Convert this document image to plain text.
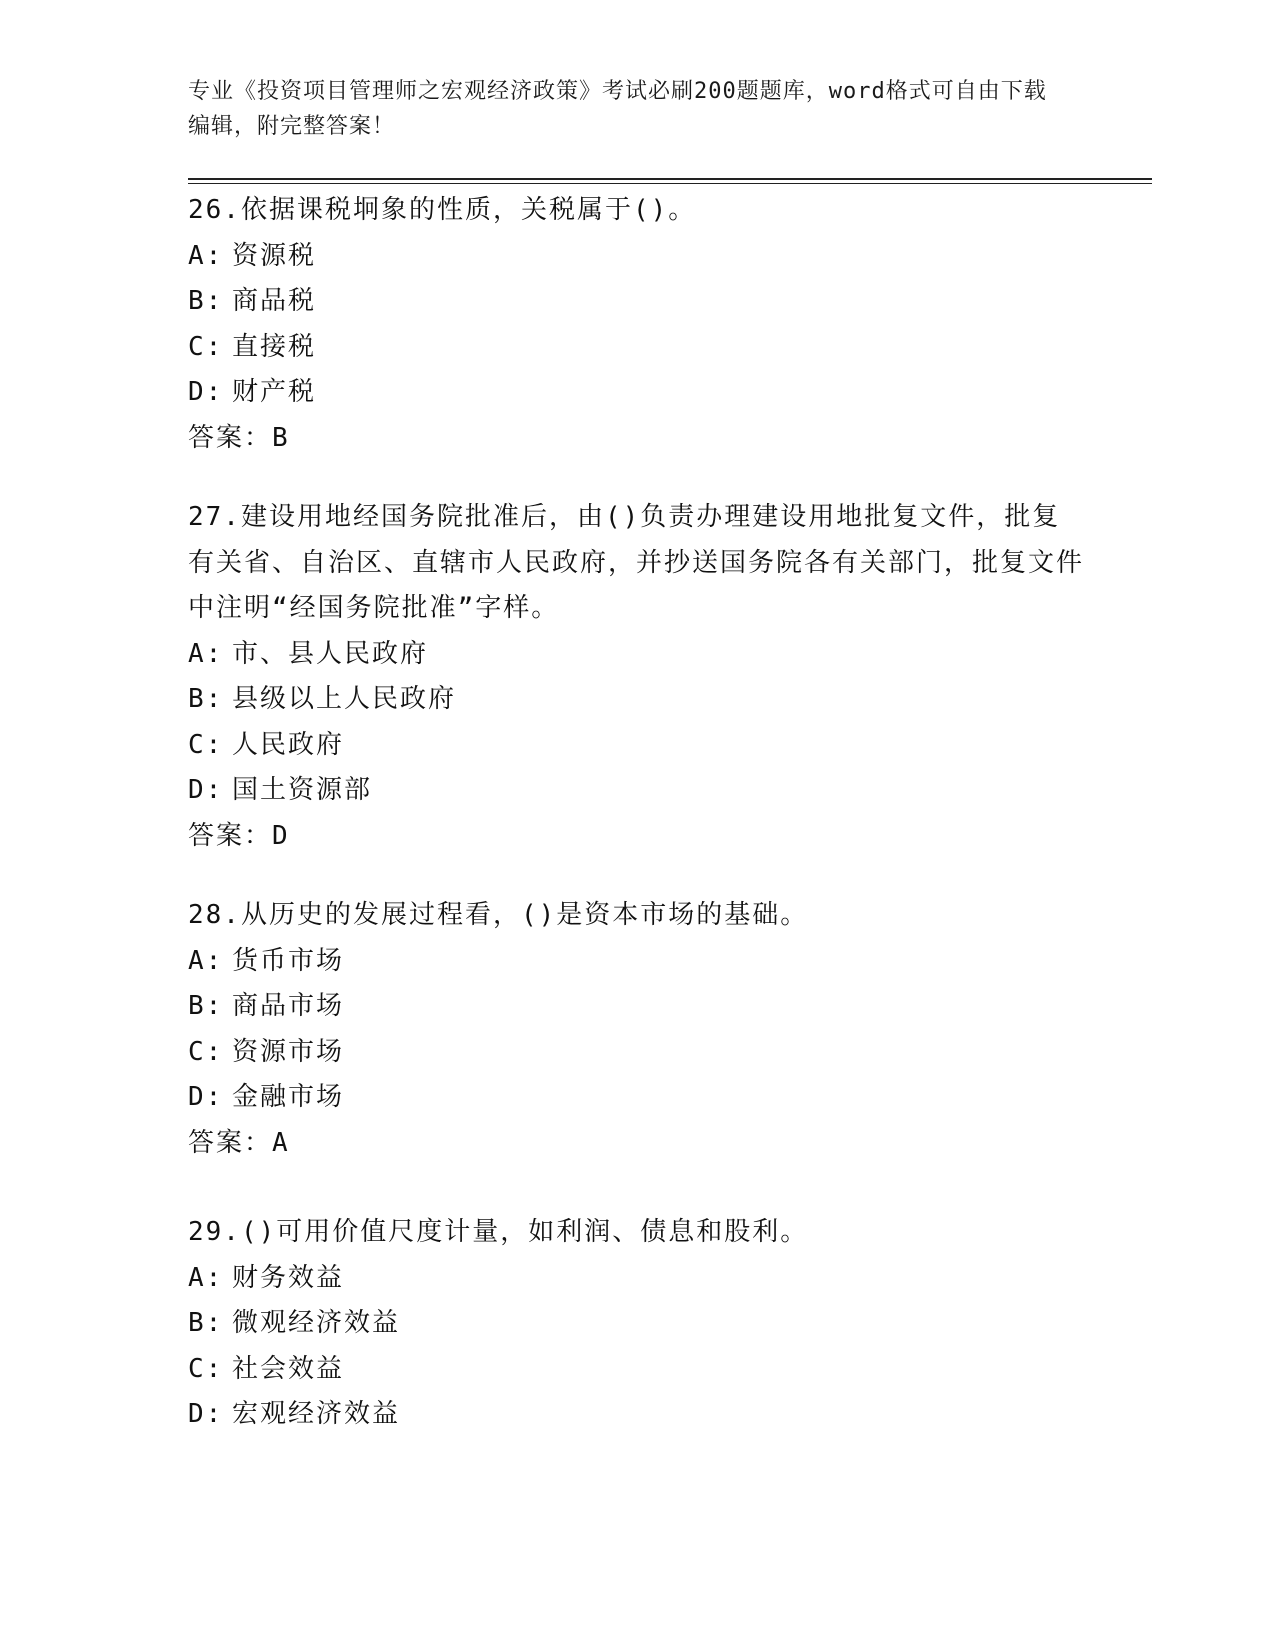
专业《投资项目管理师之宏观经济政策》考试必刷200题题库，word格式可自由下载编辑，附完整答案！

26.依据课税坰象的性质，关税属于()。

A: 资源税

B: 商品税

C: 直接税

D: 财产税

答案：B

27.建设用地经国务院批准后，由()负责办理建设用地批复文件，批复有关省、自治区、直辖市人民政府，并抄送国务院各有关部门，批复文件中注明“经国务院批准”字样。

A: 市、县人民政府

B: 县级以上人民政府

C: 人民政府

D: 国土资源部

答案：D

28.从历史的发展过程看，()是资本市场的基础。

A: 货币市场

B: 商品市场

C: 资源市场

D: 金融市场

答案：A

29.()可用价值尺度计量，如利润、债息和股利。

A: 财务效益

B: 微观经济效益

C: 社会效益

D: 宏观经济效益
